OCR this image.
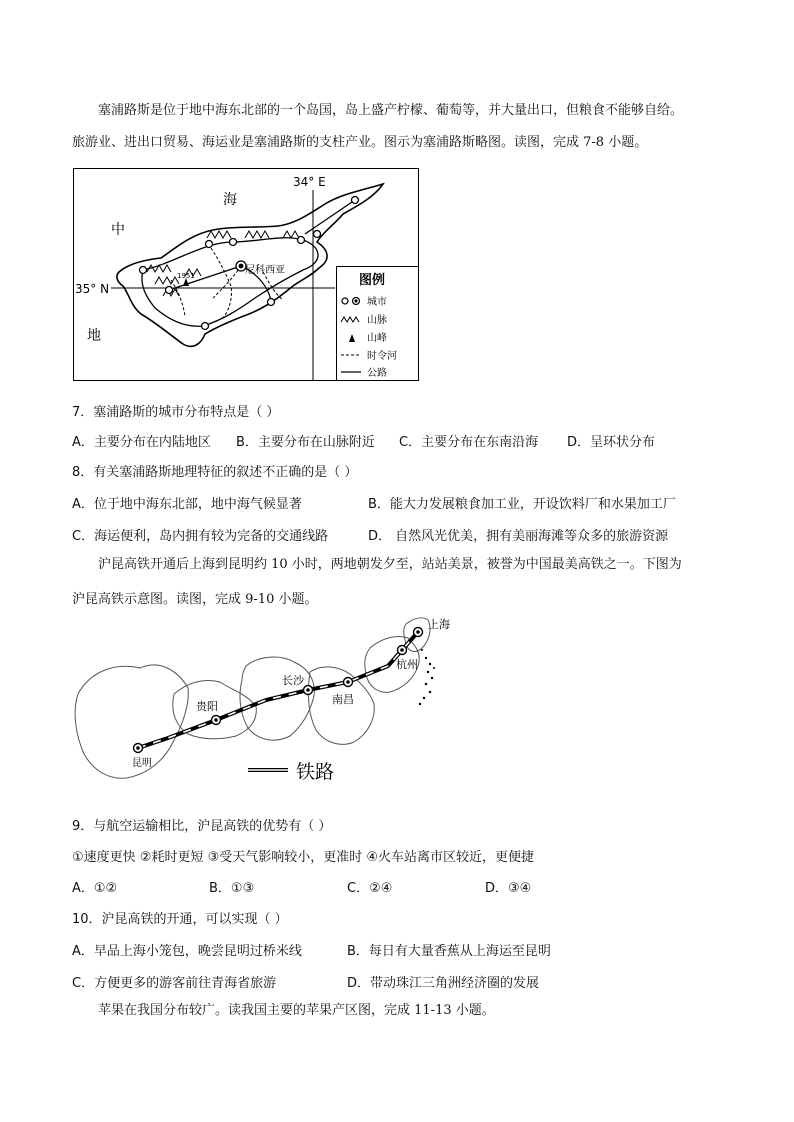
塞浦路斯是位于地中海东北部的一个岛国，岛上盛产柠檬、葡萄等，并大量出口，但粮食不能够自给。
旅游业、进出口贸易、海运业是塞浦路斯的支柱产业。图示为塞浦路斯略图。读图，完成 7-8 小题。
1951	尼科西亚
海
中
地
34° E
35° N
图例
城市
山脉
山峰
时令河
公路
7．塞浦路斯的城市分布特点是（ ）
A．主要分布在内陆地区 B．主要分布在山脉附近 C．主要分布在东南沿海 D．呈环状分布
8．有关塞浦路斯地理特征的叙述不正确的是（ ）
A．位于地中海东北部，地中海气候显著	B．能大力发展粮食加工业，开设饮料厂和水果加工厂
C．海运便利，岛内拥有较为完备的交通线路	D． 自然风光优美，拥有美丽海滩等众多的旅游资源
沪昆高铁开通后上海到昆明约 10 小时，两地朝发夕至，站站美景，被誉为中国最美高铁之一。下图为
沪昆高铁示意图。读图，完成 9-10 小题。
上海
杭州
南昌
长沙
贵阳
昆明	铁路
9．与航空运输相比，沪昆高铁的优势有（ ）
①速度更快 ②耗时更短 ③受天气影响较小，更准时 ④火车站离市区较近，更便捷
A．①②	B．①③	C．②④	D．③④
10．沪昆高铁的开通，可以实现（ ）
A．早品上海小笼包，晚尝昆明过桥米线	B．每日有大量香蕉从上海运至昆明
C．方便更多的游客前往青海省旅游	D．带动珠江三角洲经济圈的发展
苹果在我国分布较广。读我国主要的苹果产区图，完成 11-13 小题。
